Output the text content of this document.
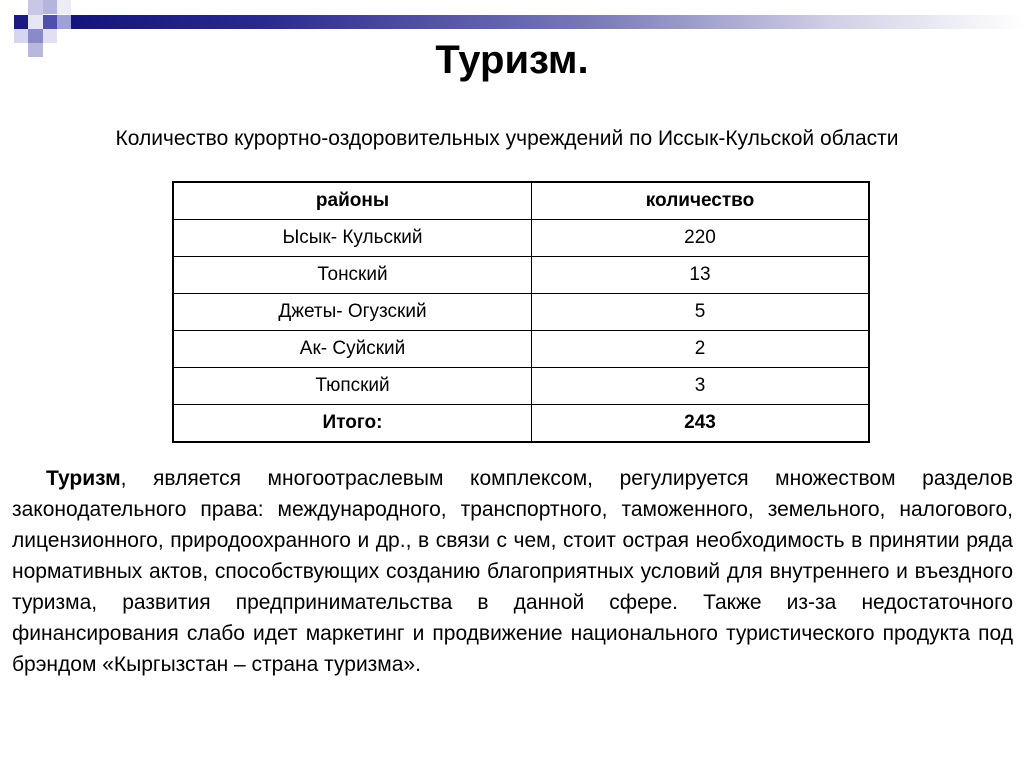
Туризм.
Количество курортно-оздоровительных учреждений по Иссык-Кульской области
районы	количество
Ысык- Кульский	220
Тонский	13
Джеты- Огузский	5
Ак- Суйский	2
Тюпский	3
Итого:	243
Туризм, является многоотраслевым комплексом, регулируется множеством разделов законодательного права: международного, транспортного, таможенного, земельного, налогового, лицензионного, природоохранного и др., в связи с чем, стоит острая необходимость в принятии ряда нормативных актов, способствующих созданию благоприятных условий для внутреннего и въездного туризма, развития предпринимательства в данной сфере. Также из-за недостаточного финансирования слабо идет маркетинг и продвижение национального туристического продукта под брэндом «Кыргызстан – страна туризма».
